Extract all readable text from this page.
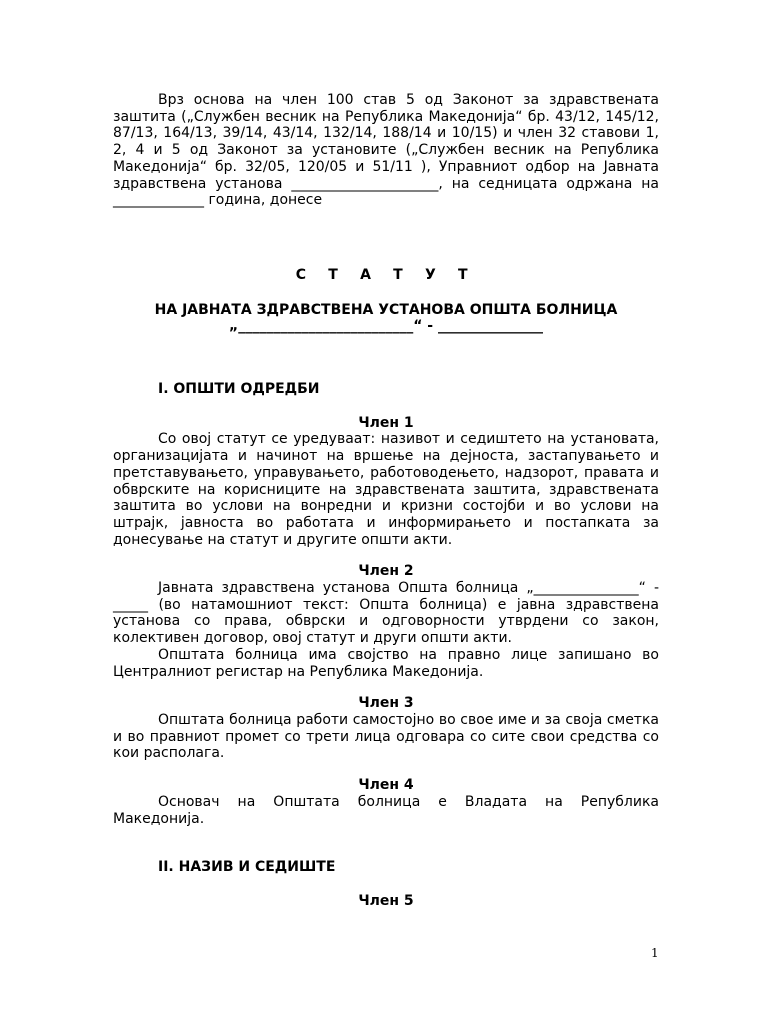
Врз основа на член 100 став 5 од Законот за здравствената заштита („Службен весник на Република Македонија“ бр. 43/12, 145/12, 87/13, 164/13, 39/14, 43/14, 132/14, 188/14 и 10/15) и член 32 ставови 1, 2, 4 и 5 од Законот за установите („Службен весник на Република Македонија“ бр. 32/05, 120/05 и 51/11 ), Управниот одбор на Јавната здравствена установа _____________________, на седницата одржана на _____________ година, донесе

С Т А Т У Т

НА ЈАВНАТА ЗДРАВСТВЕНА УСТАНОВА ОПШТА БОЛНИЦА

„_________________________“ - _______________

I. ОПШТИ ОДРЕДБИ

Член 1

Со овој статут се уредуваат: називот и седиштето на установата, организацијата и начинот на вршење на дејноста, застапувањето и претставувањето, управувањето, работоводењето, надзорот, правата и обврските на корисниците на здравствената заштита, здравствената заштита во услови на вонредни и кризни состојби и во услови на штрајк, јавноста во работата и информирањето и постапката за донесување на статут и другите општи акти.

Член 2

Јавната здравствена установа Општа болница „_______________“ - _____ (во натамошниот текст: Општа болница) е јавна здравствена установа со права, обврски и одговорности утврдени со закон, колективен договор, овој статут и други општи акти.

Општата болница има својство на правно лице запишано во Централниот регистар на Република Македонија.

Член 3

Општата болница работи самостојно во свое име и за своја сметка и во правниот промет со трети лица одговара со сите свои средства со кои располага.

Член 4

Основач на Општата болница е Владата на Република Македонија.

II. НАЗИВ И СЕДИШТЕ

Член 5

1
